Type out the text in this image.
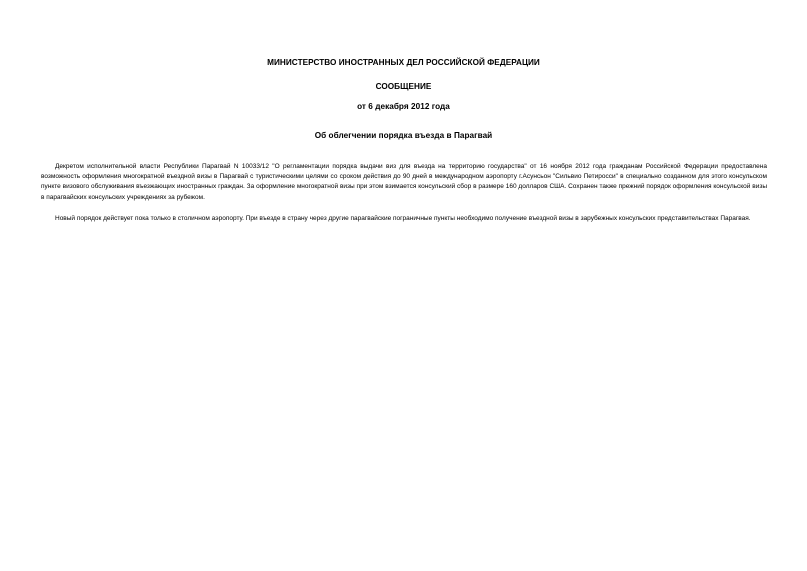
МИНИСТЕРСТВО ИНОСТРАННЫХ ДЕЛ РОССИЙСКОЙ ФЕДЕРАЦИИ
СООБЩЕНИЕ
от 6 декабря 2012 года
Об облегчении порядка въезда в Парагвай

Декретом исполнительной власти Республики Парагвай N 10033/12 "О регламентации порядка выдачи виз для въезда на территорию государства" от 16 ноября 2012 года гражданам Российской Федерации предоставлена возможность оформления многократной въездной визы в Парагвай с туристическими целями со сроком действия до 90 дней в международном аэропорту г.Асунсьон "Сильвио Петиросси" в специально созданном для этого консульском пункте визового обслуживания въезжающих иностранных граждан. За оформление многократной визы при этом взимается консульский сбор в размере 160 долларов США. Сохранен также прежний порядок оформления консульской визы в парагвайских консульских учреждениях за рубежом.

Новый порядок действует пока только в столичном аэропорту. При въезде в страну через другие парагвайские пограничные пункты необходимо получение въездной визы в зарубежных консульских представительствах Парагвая.
